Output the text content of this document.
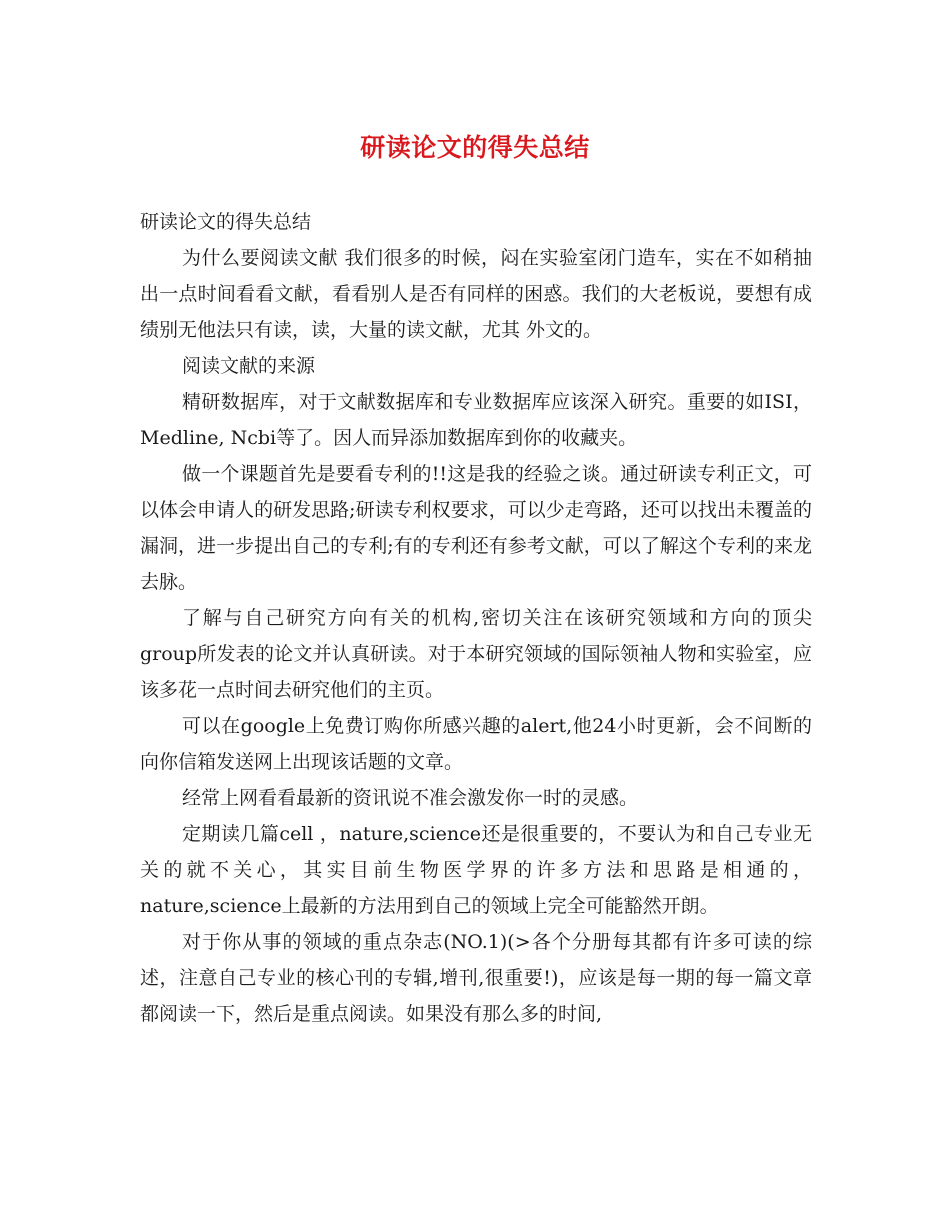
研读论文的得失总结

研读论文的得失总结

为什么要阅读文献 我们很多的时候，闷在实验室闭门造车，实在不如稍抽出一点时间看看文献，看看别人是否有同样的困惑。我们的大老板说，要想有成绩别无他法只有读，读，大量的读文献，尤其 外文的。

阅读文献的来源

精研数据库，对于文献数据库和专业数据库应该深入研究。重要的如ISI，Medline, Ncbi等了。因人而异添加数据库到你的收藏夹。

做一个课题首先是要看专利的!!这是我的经验之谈。通过研读专利正文，可以体会申请人的研发思路;研读专利权要求，可以少走弯路，还可以找出未覆盖的漏洞，进一步提出自己的专利;有的专利还有参考文献，可以了解这个专利的来龙去脉。

了解与自己研究方向有关的机构,密切关注在该研究领域和方向的顶尖group所发表的论文并认真研读。对于本研究领域的国际领袖人物和实验室，应该多花一点时间去研究他们的主页。

可以在google上免费订购你所感兴趣的alert,他24小时更新，会不间断的向你信箱发送网上出现该话题的文章。

经常上网看看最新的资讯说不准会激发你一时的灵感。

定期读几篇cell ，nature,science还是很重要的，不要认为和自己专业无关的就不关心，其实目前生物医学界的许多方法和思路是相通的，nature,science上最新的方法用到自己的领域上完全可能豁然开朗。

对于你从事的领域的重点杂志(NO.1)(>各个分册每其都有许多可读的综述，注意自己专业的核心刊的专辑,增刊,很重要!)，应该是每一期的每一篇文章都阅读一下，然后是重点阅读。如果没有那么多的时间,
